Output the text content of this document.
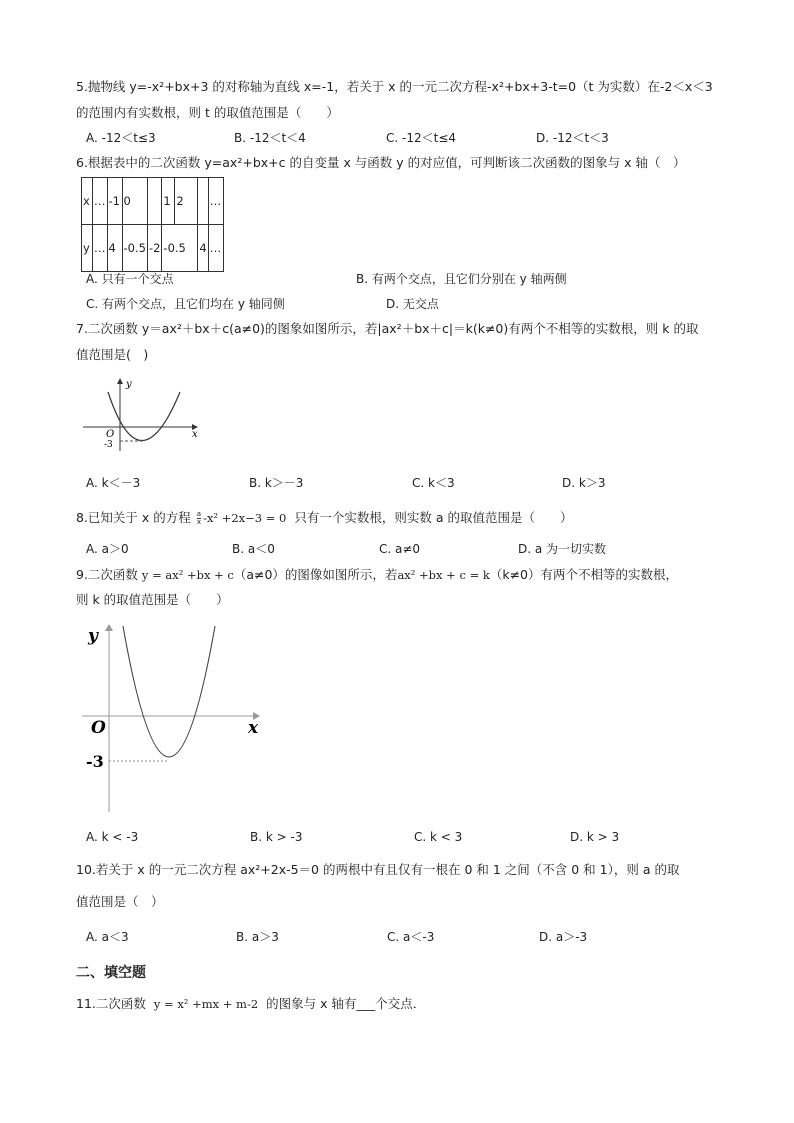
5.抛物线 y=-x²+bx+3 的对称轴为直线 x=-1，若关于 x 的一元二次方程-x²+bx+3-t=0（t 为实数）在-2＜x＜3
的范围内有实数根，则 t 的取值范围是（　　）
A. -12＜t≤3	B. -12＜t＜4	C. -12＜t≤4	D. -12＜t＜3
6.根据表中的二次函数 y=ax²+bx+c 的自变量 x 与函数 y 的对应值，可判断该二次函数的图象与 x 轴（　）
x	…	-1	0		1	2		…
y	…	4	-0.5	-2	-0.5		4	…
A. 只有一个交点	B. 有两个交点，且它们分别在 y 轴两侧
C. 有两个交点，且它们均在 y 轴同侧	D. 无交点
7.二次函数 y＝ax²＋bx＋c(a≠0)的图象如图所示，若|ax²＋bx＋c|＝k(k≠0)有两个不相等的实数根，则 k 的取
值范围是(　)
y
x
O
-3
A. k＜－3	B. k＞－3	C. k＜3	D. k＞3
8.已知关于 x 的方程 $\frac{a}{x} -x^2 +2x-3 = 0$ 只有一个实数根，则实数 a 的取值范围是（　　）
A. a＞0	B. a＜0	C. a≠0	D. a 为一切实数
9.二次函数 y = ax² +bx + c（a≠0）的图像如图所示，若ax² +bx + c = k（k≠0）有两个不相等的实数根，
则 k 的取值范围是（　　）
y
x
O
-3
A. k < -3	B. k > -3	C. k < 3	D. k > 3
10.若关于 x 的一元二次方程 ax²+2x-5＝0 的两根中有且仅有一根在 0 和 1 之间（不含 0 和 1），则 a 的取
值范围是（　）
A. a＜3	B. a＞3	C. a＜-3	D. a＞-3
二、填空题
11.二次函数 y = x² +mx + m-2 的图象与 x 轴有___个交点．
